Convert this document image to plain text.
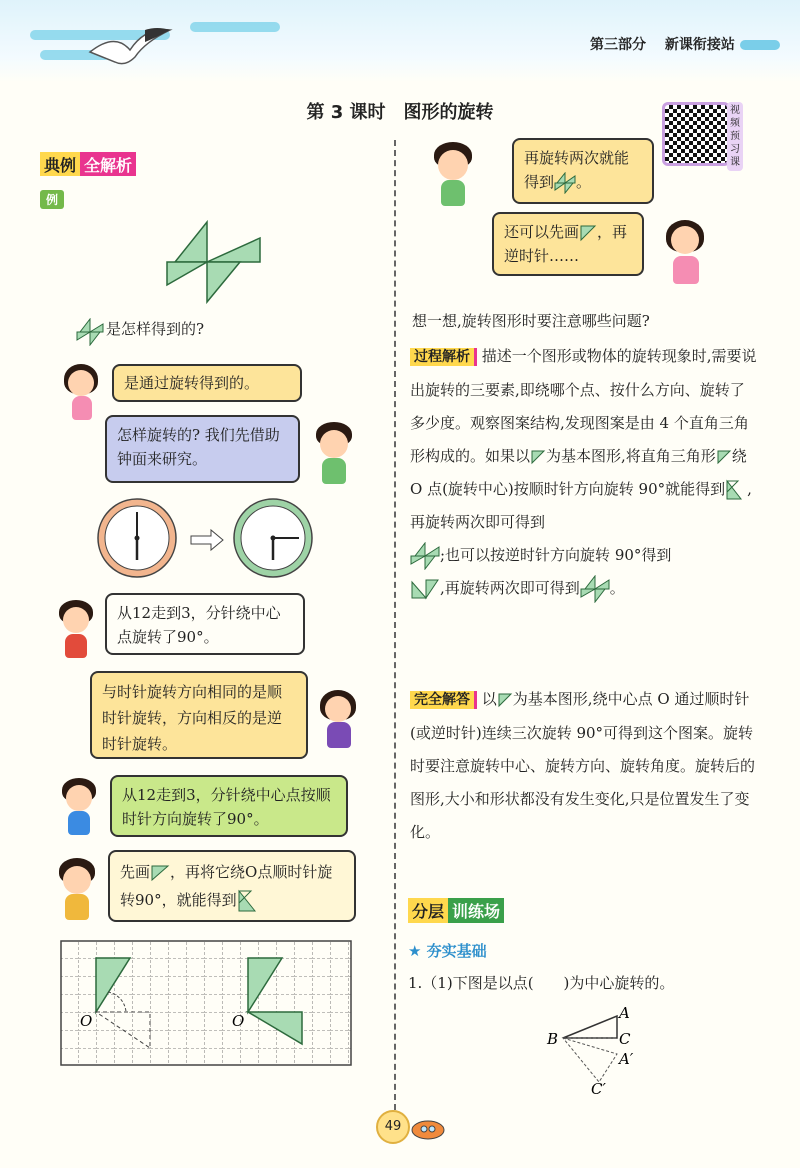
第三部分 新课衔接站
第 3 课时　图形的旋转	视频预习课
典例 全解析
例
是怎样得到的?
是通过旋转得到的。
怎样旋转的? 我们先借助钟面来研究。
从12走到3，分针绕中心点旋转了90°。
与时针旋转方向相同的是顺时针旋转，方向相反的是逆时针旋转。
从12走到3，分针绕中心点按顺时针方向旋转了90°。
先画 ，再将它绕O点顺时针旋转90°，就能得到
O	O
再旋转两次就能得到 。
还可以先画 ，再逆时针……
想一想,旋转图形时要注意哪些问题?
过程解析 描述一个图形或物体的旋转现象时,需要说出旋转的三要素,即绕哪个点、按什么方向、旋转了多少度。观察图案结构,发现图案是由 4 个直角三角形构成的。如果以 为基本图形,将直角三角形 绕 O 点(旋转中心)按顺时针方向旋转 90°就能得到 ,再旋转两次即可得到
;也可以按逆时针方向旋转 90°得到
,再旋转两次即可得到 。
完全解答 以 为基本图形,绕中心点 O 通过顺时针(或逆时针)连续三次旋转 90°可得到这个图案。旋转时要注意旋转中心、旋转方向、旋转角度。旋转后的图形,大小和形状都没有发生变化,只是位置发生了变化。
分层 训练场
★ 夯实基础
1.（1)下图是以点(　　)为中心旋转的。
B
A
C
A′
C′
49
